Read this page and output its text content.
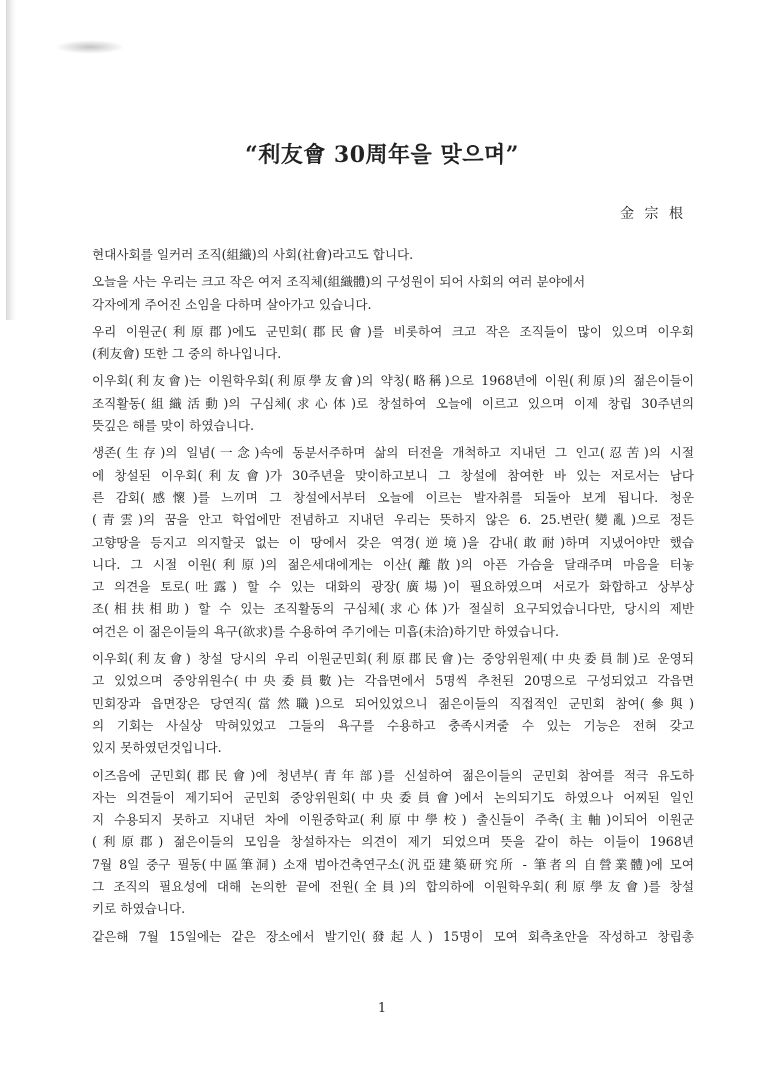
“利友會 30周年을 맞으며”
金 宗 根
현대사회를 일커러 조직(組織)의 사회(社會)라고도 합니다.
오늘을 사는 우리는 크고 작은 여저 조직체(組織體)의 구성원이 되어 사회의 여러 분야에서
각자에게 주어진 소임을 다하며 살아가고 있습니다.
우리 이원군(利原郡)에도 군민회(郡民會)를 비롯하여 크고 작은 조직들이 많이 있으며 이우회
(利友會) 또한 그 중의 하나입니다.
이우회(利友會)는 이원학우회(利原學友會)의 약칭(略稱)으로 1968년에 이원(利原)의 젊은이들이
조직활동(組織活動)의 구심체(求心体)로 창설하여 오늘에 이르고 있으며 이제 창립 30주년의
뜻깊은 해를 맞이 하였습니다.
생존(生存)의 일념(一念)속에 동분서주하며 삶의 터전을 개척하고 지내던 그 인고(忍苦)의 시절
에 창설된 이우회(利友會)가 30주년을 맞이하고보니 그 창설에 참여한 바 있는 저로서는 남다
른 감회(感懷)를 느끼며 그 창설에서부터 오늘에 이르는 발자취를 되돌아 보게 됩니다. 청운
(青雲)의 꿈을 안고 학업에만 전념하고 지내던 우리는 뜻하지 않은 6. 25.변란(變亂)으로 정든
고향땅을 등지고 의지할곳 없는 이 땅에서 갖은 역경(逆境)을 감내(敢耐)하며 지냈어야만 했습
니다. 그 시절 이원(利原)의 젊은세대에게는 이산(離散)의 아픈 가슴을 달래주며 마음을 터놓
고 의견을 토로(吐露) 할 수 있는 대화의 광장(廣場)이 필요하였으며 서로가 화합하고 상부상
조(相扶相助) 할 수 있는 조직활동의 구심체(求心体)가 절실히 요구되었습니다만, 당시의 제반
여건은 이 젊은이들의 욕구(欲求)를 수용하여 주기에는 미흡(未洽)하기만 하였습니다.
이우회(利友會) 창설 당시의 우리 이원군민회(利原郡民會)는 중앙위원제(中央委員制)로 운영되
고 있었으며 중앙위원수(中央委員數)는 각읍면에서 5명씩 추천된 20명으로 구성되었고 각읍면
민회장과 읍면장은 당연직(當然職)으로 되어있었으니 젊은이들의 직접적인 군민회 참여(參與)
의 기회는 사실상 막혀있었고 그들의 욕구를 수용하고 충족시켜줄 수 있는 기능은 전혀 갖고
있지 못하였던것입니다.
이즈음에 군민회(郡民會)에 청년부(青年部)를 신설하여 젊은이들의 군민회 참여를 적극 유도하
자는 의견들이 제기되어 군민회 중앙위원회(中央委員會)에서 논의되기도 하였으나 어찌된 일인
지 수용되지 못하고 지내던 차에 이원중학교(利原中學校) 출신들이 주축(主軸)이되어 이원군
(利原郡) 젊은이들의 모임을 창설하자는 의견이 제기 되었으며 뜻을 같이 하는 이들이 1968년
7월 8일 중구 필동(中區筆洞) 소재 범아건축연구소(汎亞建築研究所 - 筆者의 自營業體)에 모여
그 조직의 필요성에 대해 논의한 끝에 전원(全員)의 합의하에 이원학우회(利原學友會)를 창설
키로 하였습니다.
같은해 7월 15일에는 같은 장소에서 발기인(發起人) 15명이 모여 회측초안을 작성하고 창립총
1
